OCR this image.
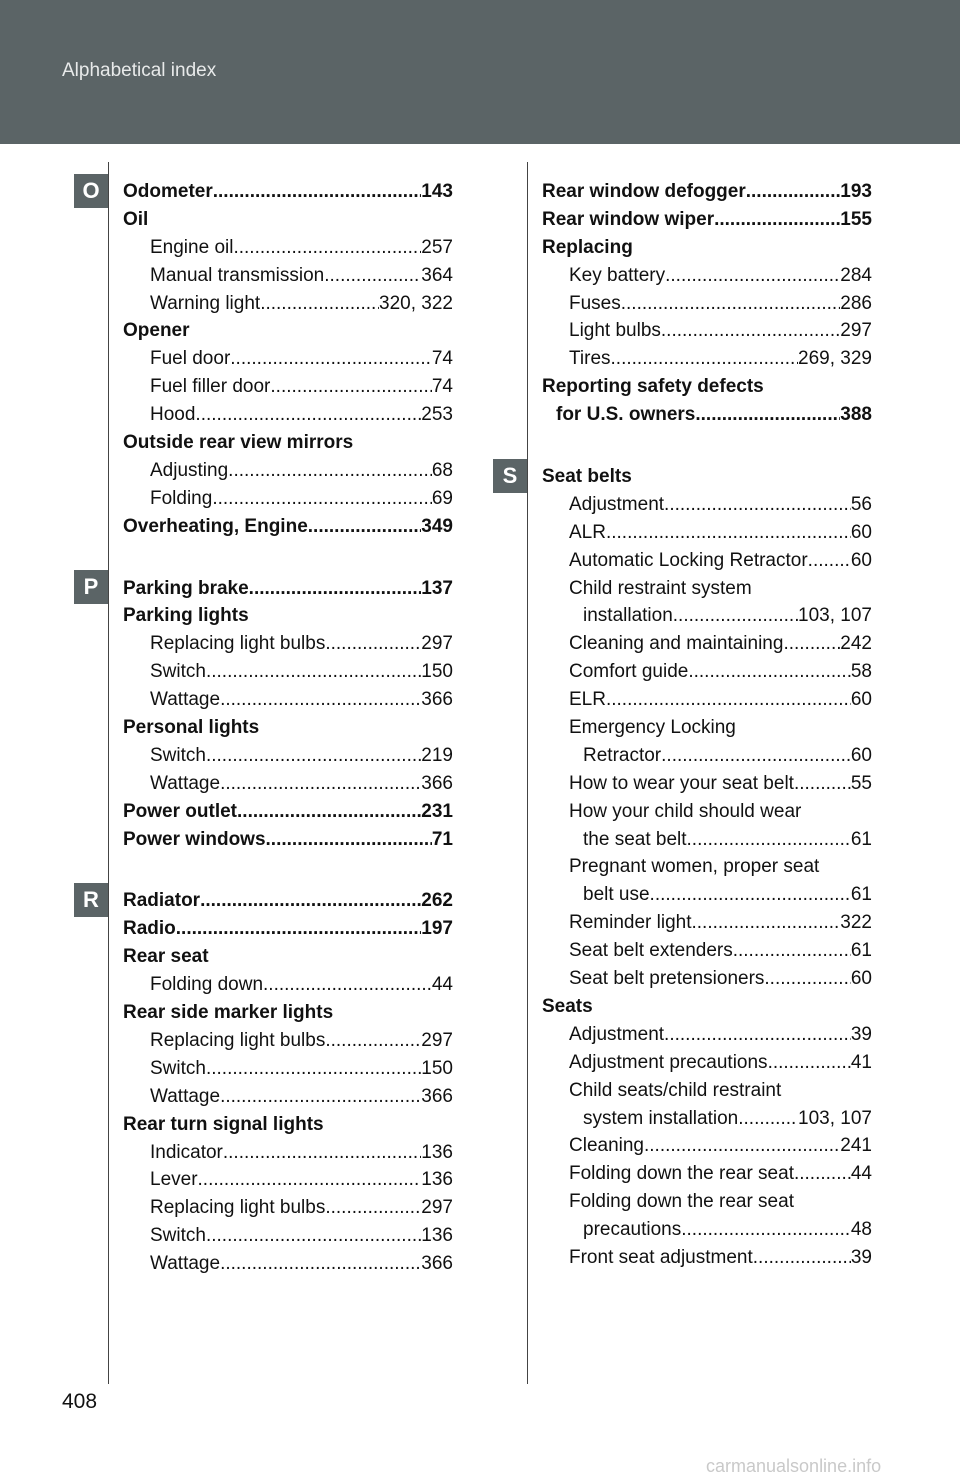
Alphabetical index
O
P
R
S
Odometer .....	143
Oil
Engine oil .....	257
Manual transmission .....	364
Warning light .....	320, 322
Opener
Fuel door .....	74
Fuel filler door .....	74
Hood .....	253
Outside rear view mirrors
Adjusting .....	68
Folding .....	69
Overheating, Engine .....	349
Parking brake .....	137
Parking lights
Replacing light bulbs .....	297
Switch .....	150
Wattage .....	366
Personal lights
Switch .....	219
Wattage .....	366
Power outlet .....	231
Power windows .....	71
Radiator .....	262
Radio .....	197
Rear seat
Folding down .....	44
Rear side marker lights
Replacing light bulbs .....	297
Switch .....	150
Wattage .....	366
Rear turn signal lights
Indicator .....	136
Lever .....	136
Replacing light bulbs .....	297
Switch .....	136
Wattage .....	366
Rear window defogger .....	193
Rear window wiper .....	155
Replacing
Key battery .....	284
Fuses .....	286
Light bulbs .....	297
Tires .....	269, 329
Reporting safety defects
for U.S. owners .....	388
Seat belts
Adjustment .....	56
ALR .....	60
Automatic Locking Retractor ..... 60
Child restraint system
installation .....	103, 107
Cleaning and maintaining .....	242
Comfort guide .....	58
ELR .....	60
Emergency Locking
Retractor .....	60
How to wear your seat belt .....	55
How your child should wear
the seat belt .....	61
Pregnant women, proper seat
belt use .....	61
Reminder light .....	322
Seat belt extenders .....	61
Seat belt pretensioners .....	60
Seats
Adjustment .....	39
Adjustment precautions .....	41
Child seats/child restraint
system installation .....	103, 107
Cleaning .....	241
Folding down the rear seat .....	44
Folding down the rear seat
precautions .....	48
Front seat adjustment .....	39
408
carmanualsonline.info
